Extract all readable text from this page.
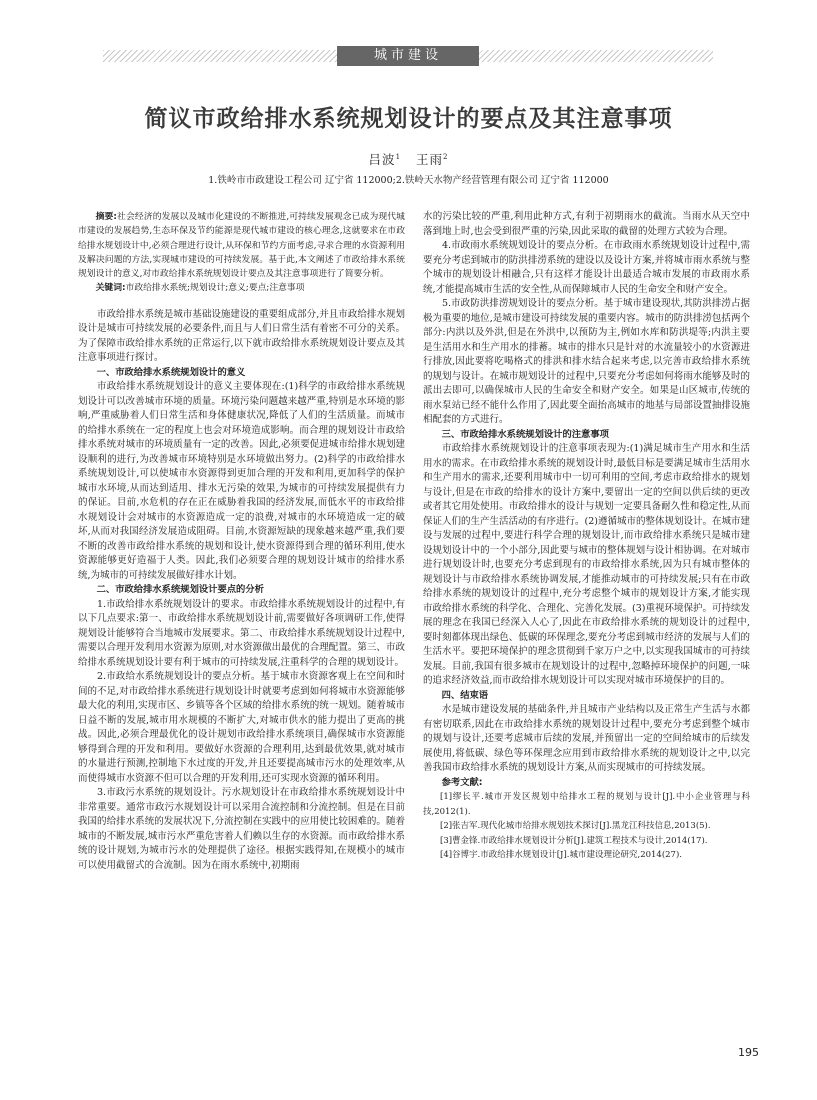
城市建设
简议市政给排水系统规划设计的要点及其注意事项
吕波$^1$ 王雨$^2$
1.铁岭市市政建设工程公司 辽宁省 112000;2.铁岭天水物产经营管理有限公司 辽宁省 112000

摘要:社会经济的发展以及城市化建设的不断推进,可持续发展观念已成为现代城市建设的发展趋势,生态环保及节约能源是现代城市建设的核心理念,这就要求在市政给排水规划设计中,必须合理进行设计,从环保和节约方面考虑,寻求合理的水资源利用及解决问题的方法,实现城市建设的可持续发展。基于此,本文阐述了市政给排水系统规划设计的意义,对市政给排水系统规划设计要点及其注意事项进行了简要分析。

关键词:市政给排水系统;规划设计;意义;要点;注意事项

市政给排水系统是城市基础设施建设的重要组成部分,并且市政给排水规划设计是城市可持续发展的必要条件,而且与人们日常生活有着密不可分的关系。为了保障市政给排水系统的正常运行,以下就市政给排水系统规划设计要点及其注意事项进行探讨。

一、市政给排水系统规划设计的意义

市政给排水系统规划设计的意义主要体现在:(1)科学的市政给排水系统规划设计可以改善城市环境的质量。环境污染问题越来越严重,特别是水环境的影响,严重威胁着人们日常生活和身体健康状况,降低了人们的生活质量。而城市的给排水系统在一定的程度上也会对环境造成影响。而合理的规划设计市政给排水系统对城市的环境质量有一定的改善。因此,必须要促进城市给排水规划建设顺利的进行,为改善城市环境特别是水环境做出努力。(2)科学的市政给排水系统规划设计,可以使城市水资源得到更加合理的开发和利用,更加科学的保护城市水环境,从而达到适用、排水无污染的效果,为城市的可持续发展提供有力的保证。目前,水危机的存在正在威胁着我国的经济发展,而低水平的市政给排水规划设计会对城市的水资源造成一定的浪费,对城市的水环境造成一定的破坏,从而对我国经济发展造成阻碍。目前,水资源短缺的现象越来越严重,我们要不断的改善市政给排水系统的规划和设计,使水资源得到合理的循环利用,使水资源能够更好造福于人类。因此,我们必须要合理的规划设计城市的给排水系统,为城市的可持续发展做好排水计划。

二、市政给排水系统规划设计要点的分析

1.市政给排水系统规划设计的要求。市政给排水系统规划设计的过程中,有以下几点要求:第一、市政给排水系统规划设计前,需要做好各项调研工作,使得规划设计能够符合当地城市发展要求。第二、市政给排水系统规划设计过程中,需要以合理开发利用水资源为原则,对水资源做出最优的合理配置。第三、市政给排水系统规划设计要有利于城市的可持续发展,注重科学的合理的规划设计。

2.市政给水系统规划设计的要点分析。基于城市水资源客观上在空间和时间的不足,对市政给排水系统进行规划设计时就要考虑到如何将城市水资源能够最大化的利用,实现市区、乡镇等各个区域的给排水系统的统一规划。随着城市日益不断的发展,城市用水规模的不断扩大,对城市供水的能力提出了更高的挑战。因此,必须合理最优化的设计规划市政给排水系统项目,确保城市水资源能够得到合理的开发和利用。要做好水资源的合理利用,达到最优效果,就对城市的水量进行预测,控制地下水过度的开发,并且还要提高城市污水的处理效率,从而使得城市水资源不但可以合理的开发利用,还可实现水资源的循环利用。

3.市政污水系统的规划设计。污水规划设计在市政给排水系统规划设计中非常重要。通常市政污水规划设计可以采用合流控制和分流控制。但是在目前我国的给排水系统的发展状况下,分流控制在实践中的应用使比较困难的。随着城市的不断发展,城市污水严重危害着人们赖以生存的水资源。而市政给排水系统的设计规划,为城市污水的处理提供了途径。根据实践得知,在规模小的城市可以使用截留式的合流制。因为在雨水系统中,初期雨

水的污染比较的严重,利用此种方式,有利于初期雨水的截流。当雨水从天空中落到地上时,也会受到很严重的污染,因此采取的截留的处理方式较为合理。

4.市政雨水系统规划设计的要点分析。在市政雨水系统规划设计过程中,需要充分考虑到城市的防洪排涝系统的建设以及设计方案,并将城市雨水系统与整个城市的规划设计相融合,只有这样才能设计出最适合城市发展的市政雨水系统,才能提高城市生活的安全性,从而保障城市人民的生命安全和财产安全。

5.市政防洪排涝规划设计的要点分析。基于城市建设现状,其防洪排涝占据极为重要的地位,是城市建设可持续发展的重要内容。城市的防洪排涝包括两个部分:内洪以及外洪,但是在外洪中,以预防为主,例如水库和防洪堤等;内洪主要是生活用水和生产用水的排蓄。城市的排水只是针对的水流量较小的水资源进行排放,因此要将吃喝格式的排洪和排水结合起来考虑,以完善市政给排水系统的规划与设计。在城市规划设计的过程中,只要充分考虑如何将雨水能够及时的派出去即可,以确保城市人民的生命安全和财产安全。如果是山区城市,传统的雨水泵站已经不能什么作用了,因此要全面抬高城市的地基与局部设置抽排设施相配套的方式进行。

三、市政给排水系统规划设计的注意事项

市政给排水系统规划设计的注意事项表现为:(1)满足城市生产用水和生活用水的需求。在市政给排水系统的规划设计时,最低目标是要满足城市生活用水和生产用水的需求,还要利用城市中一切可利用的空间,考虑市政给排水的规划与设计,但是在市政的给排水的设计方案中,要留出一定的空间以供后续的更改或者其它用处使用。市政给排水的设计与规划一定要具备耐久性和稳定性,从而保证人们的生产生活活动的有序进行。(2)遵循城市的整体规划设计。在城市建设与发展的过程中,要进行科学合理的规划设计,而市政给排水系统只是城市建设规划设计中的一个小部分,因此要与城市的整体规划与设计相协调。在对城市进行规划设计时,也要充分考虑到现有的市政给排水系统,因为只有城市整体的规划设计与市政给排水系统协调发展,才能推动城市的可持续发展;只有在市政给排水系统的规划设计的过程中,充分考虑整个城市的规划设计方案,才能实现市政给排水系统的科学化、合理化、完善化发展。(3)重视环境保护。可持续发展的理念在我国已经深入人心了,因此在市政给排水系统的规划设计的过程中,要时刻都体现出绿色、低碳的环保理念,要充分考虑到城市经济的发展与人们的生活水平。要把环境保护的理念贯彻到千家万户之中,以实现我国城市的可持续发展。目前,我国有很多城市在规划设计的过程中,忽略掉环境保护的问题,一味的追求经济效益,而市政给排水规划设计可以实现对城市环境保护的目的。

四、结束语

水是城市建设发展的基础条件,并且城市产业结构以及正常生产生活与水都有密切联系,因此在市政给排水系统的规划设计过程中,要充分考虑到整个城市的规划与设计,还要考虑城市后续的发展,并预留出一定的空间给城市的后续发展使用,将低碳、绿色等环保理念应用到市政给排水系统的规划设计之中,以完善我国市政给排水系统的规划设计方案,从而实现城市的可持续发展。

参考文献:

[1]缪长平.城市开发区规划中给排水工程的规划与设计[J].中小企业管理与科技,2012(1).

[2]张吉军.现代化城市给排水规划技术探讨[J].黑龙江科技信息,2013(5).

[3]曹金锋.市政给排水规划设计分析[J].建筑工程技术与设计,2014(17).

[4]谷博宇.市政给排水规划设计[J].城市建设理论研究,2014(27).

195
